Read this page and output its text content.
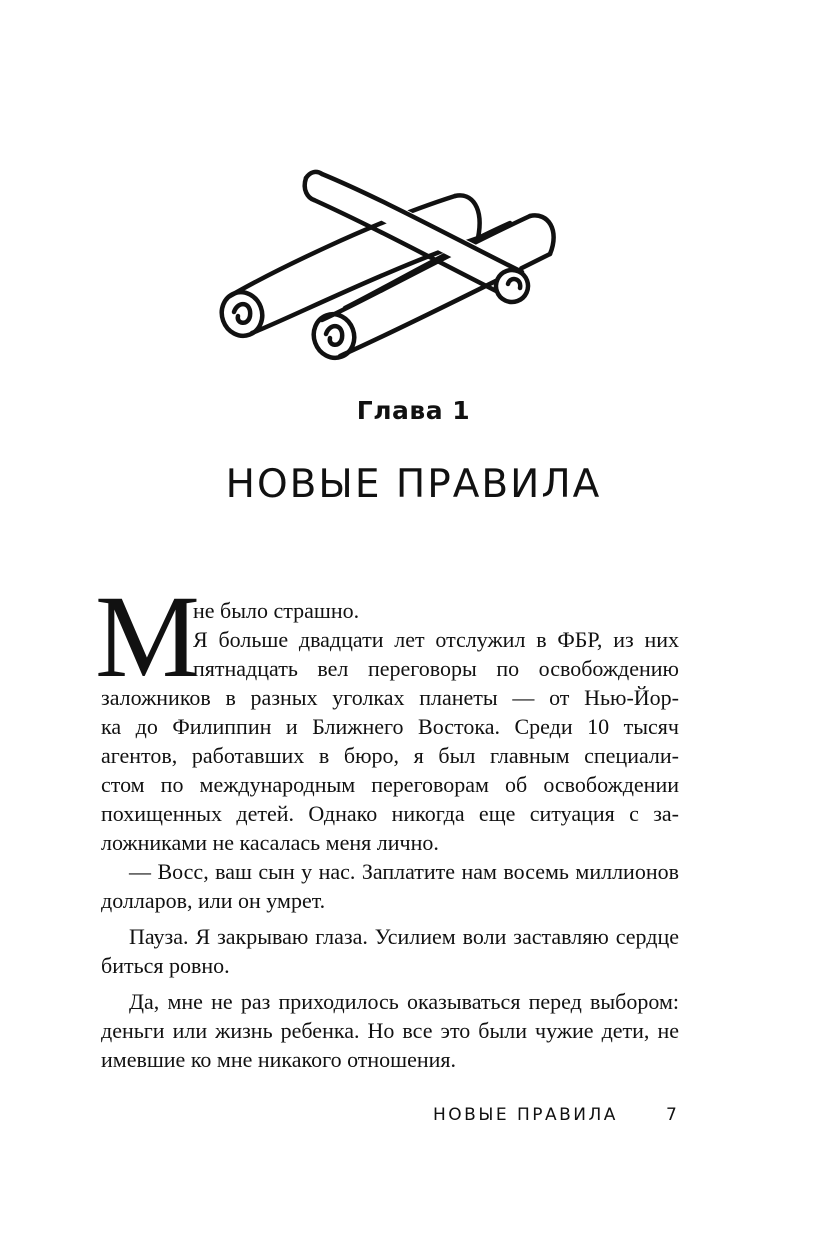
Глава 1
НОВЫЕ ПРАВИЛА
М
не было страшно.
Я больше двадцати лет отслужил в ФБР, из них
пятнадцать вел переговоры по освобождению
заложников в разных уголках планеты — от Нью-Йор-
ка до Филиппин и Ближнего Востока. Среди 10 тысяч
агентов, работавших в бюро, я был главным специали-
стом по международным переговорам об освобождении
похищенных детей. Однако никогда еще ситуация с за-
ложниками не касалась меня лично.

— Восс, ваш сын у нас. Заплатите нам восемь миллионов долларов, или он умрет.

Пауза. Я закрываю глаза. Усилием воли заставляю сердце биться ровно.

Да, мне не раз приходилось оказываться перед выбором: деньги или жизнь ребенка. Но все это были чужие дети, не имевшие ко мне никакого отношения.

НОВЫЕ ПРАВИЛА	7
